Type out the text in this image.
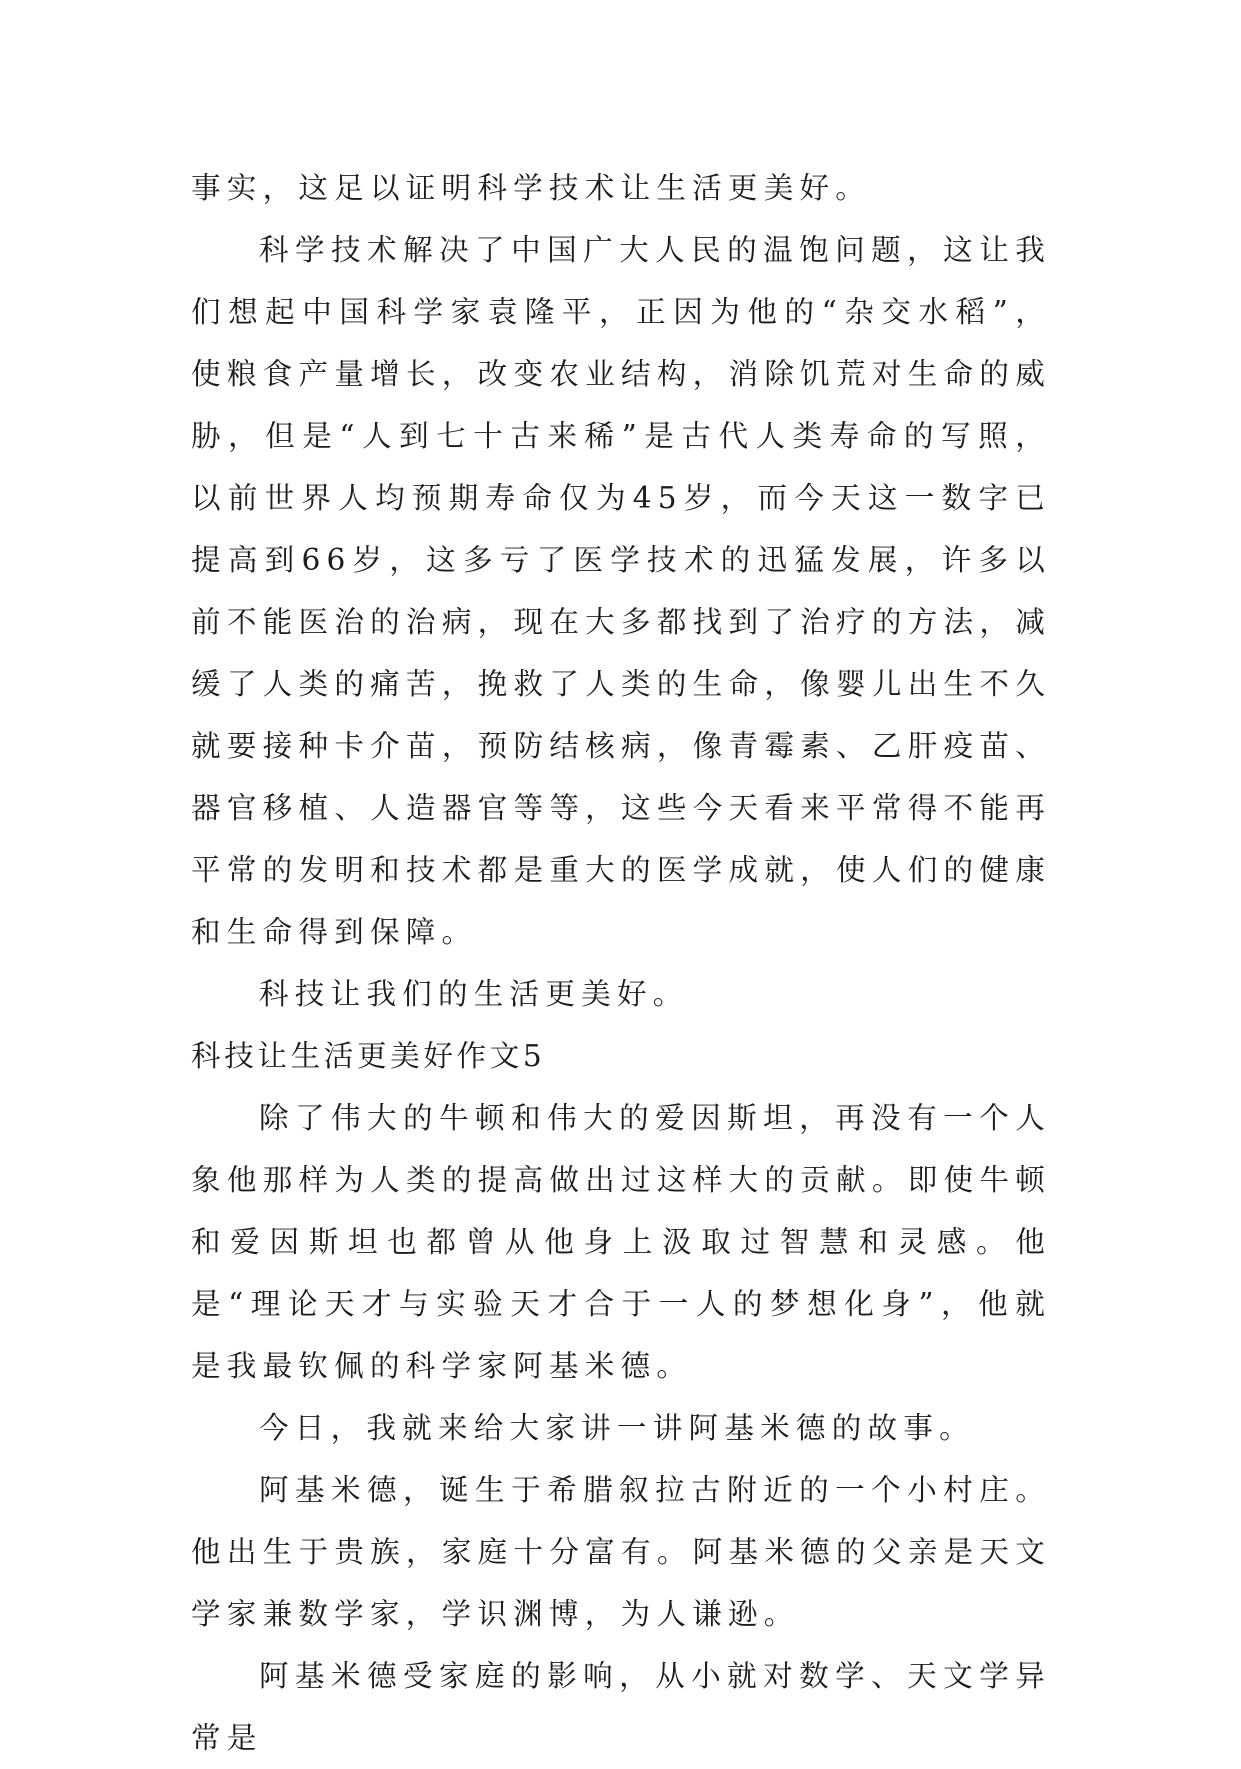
事实，这足以证明科学技术让生活更美好。

科学技术解决了中国广大人民的温饱问题，这让我们想起中国科学家袁隆平，正因为他的“杂交水稻”，使粮食产量增长，改变农业结构，消除饥荒对生命的威胁，但是“人到七十古来稀”是古代人类寿命的写照，以前世界人均预期寿命仅为45岁，而今天这一数字已提高到66岁，这多亏了医学技术的迅猛发展，许多以前不能医治的治病，现在大多都找到了治疗的方法，减缓了人类的痛苦，挽救了人类的生命，像婴儿出生不久就要接种卡介苗，预防结核病，像青霉素、乙肝疫苗、器官移植、人造器官等等，这些今天看来平常得不能再平常的发明和技术都是重大的医学成就，使人们的健康和生命得到保障。

科技让我们的生活更美好。

科技让生活更美好作文5

除了伟大的牛顿和伟大的爱因斯坦，再没有一个人象他那样为人类的提高做出过这样大的贡献。即使牛顿和爱因斯坦也都曾从他身上汲取过智慧和灵感。他是“理论天才与实验天才合于一人的梦想化身”，他就是我最钦佩的科学家阿基米德。

今日，我就来给大家讲一讲阿基米德的故事。

阿基米德，诞生于希腊叙拉古附近的一个小村庄。他出生于贵族，家庭十分富有。阿基米德的父亲是天文学家兼数学家，学识渊博，为人谦逊。

阿基米德受家庭的影响，从小就对数学、天文学异常是
